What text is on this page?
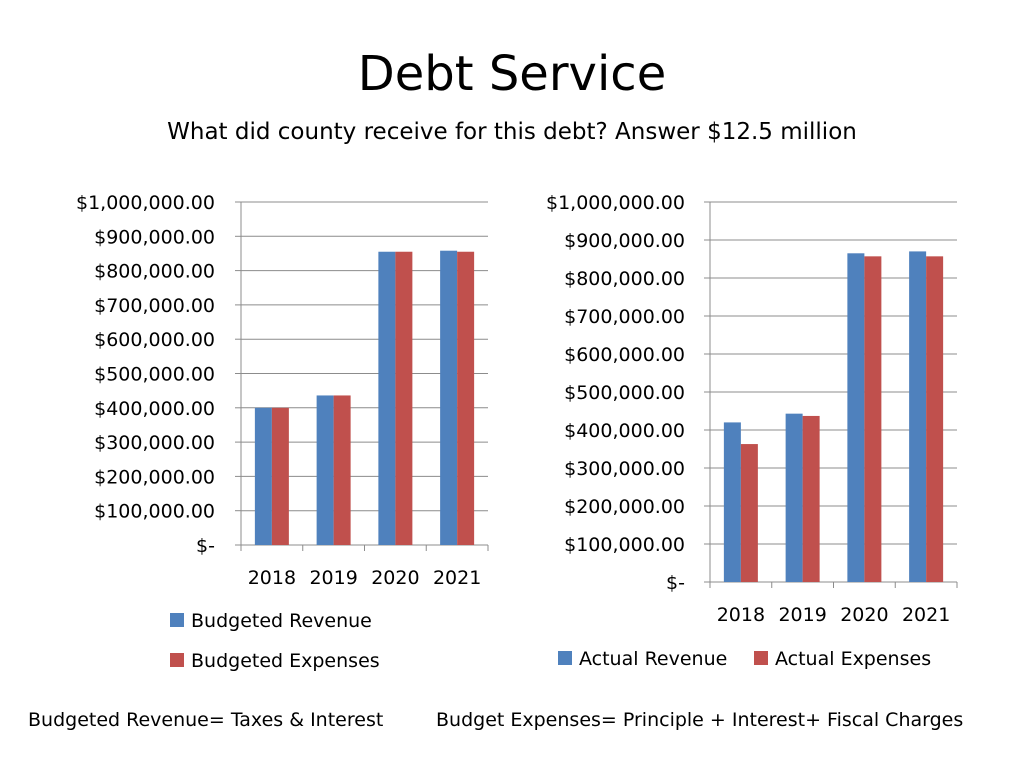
Debt Service
What did county receive for this debt? Answer $12.5 million
$-
$100,000.00
$200,000.00
$300,000.00
$400,000.00
$500,000.00
$600,000.00
$700,000.00
$800,000.00
$900,000.00
$1,000,000.00
2018 2019 2020 2021
Budgeted Revenue
Budgeted Expenses
$-
$100,000.00
$200,000.00
$300,000.00
$400,000.00
$500,000.00
$600,000.00
$700,000.00
$800,000.00
$900,000.00
$1,000,000.00
2018 2019 2020 2021
Actual Revenue	Actual Expenses
Budgeted Revenue= Taxes & Interest	Budget Expenses= Principle + Interest+ Fiscal Charges
